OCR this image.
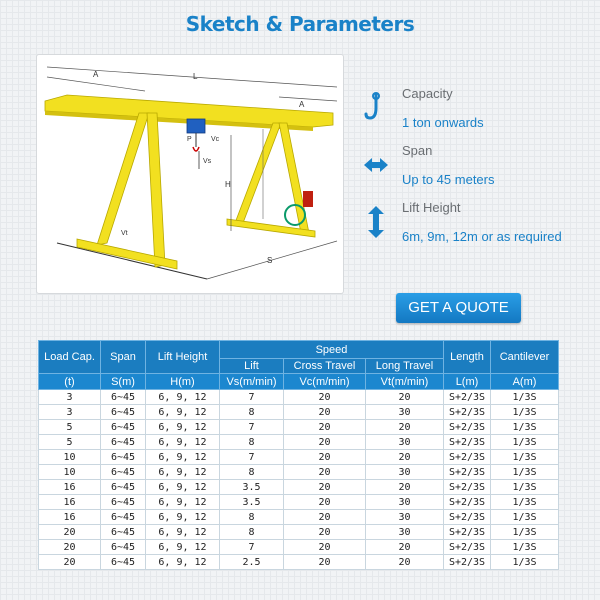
Sketch & Parameters
A	L
A
P	Vc
Vs
H
Vt
S
Capacity
1 ton onwards
Span
Up to 45 meters
Lift Height
6m, 9m, 12m or as required
GET A QUOTE
Load Cap.	Span	Lift Height	Speed			Length	Cantilever
			Lift	Cross Travel	Long Travel		
(t)	S(m)	H(m)	Vs(m/min)	Vc(m/min)	Vt(m/min)	L(m)	A(m)
3	6~45	6, 9, 12	7	20	20	S+2/3S	1/3S
3	6~45	6, 9, 12	8	20	30	S+2/3S	1/3S
5	6~45	6, 9, 12	7	20	20	S+2/3S	1/3S
5	6~45	6, 9, 12	8	20	30	S+2/3S	1/3S
10	6~45	6, 9, 12	7	20	20	S+2/3S	1/3S
10	6~45	6, 9, 12	8	20	30	S+2/3S	1/3S
16	6~45	6, 9, 12	3.5	20	20	S+2/3S	1/3S
16	6~45	6, 9, 12	3.5	20	30	S+2/3S	1/3S
16	6~45	6, 9, 12	8	20	30	S+2/3S	1/3S
20	6~45	6, 9, 12	8	20	30	S+2/3S	1/3S
20	6~45	6, 9, 12	7	20	20	S+2/3S	1/3S
20	6~45	6, 9, 12	2.5	20	20	S+2/3S	1/3S
